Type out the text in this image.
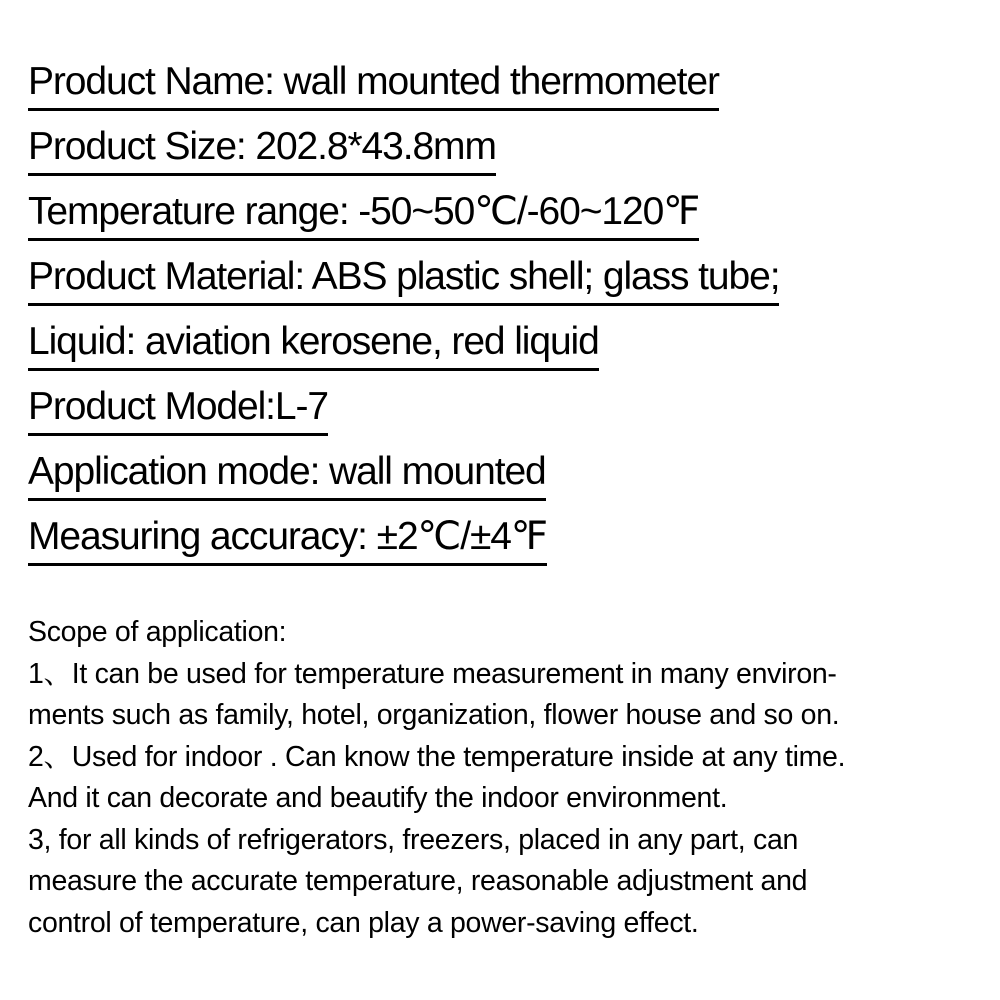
Product Name: wall mounted thermometer
Product Size: 202.8*43.8mm
Temperature range: -50~50℃/-60~120℉
Product Material: ABS plastic shell; glass tube;
Liquid: aviation kerosene, red liquid
Product Model:L-7
Application mode: wall mounted
Measuring accuracy: ±2℃/±4℉
Scope of application:
1、It can be used for temperature measurement in many environ-
ments such as family, hotel, organization, flower house and so on.
2、Used for indoor . Can know the temperature inside at any time.
And it can decorate and beautify the indoor environment.
3, for all kinds of refrigerators, freezers, placed in any part, can
measure the accurate temperature, reasonable adjustment and
control of temperature, can play a power-saving effect.
